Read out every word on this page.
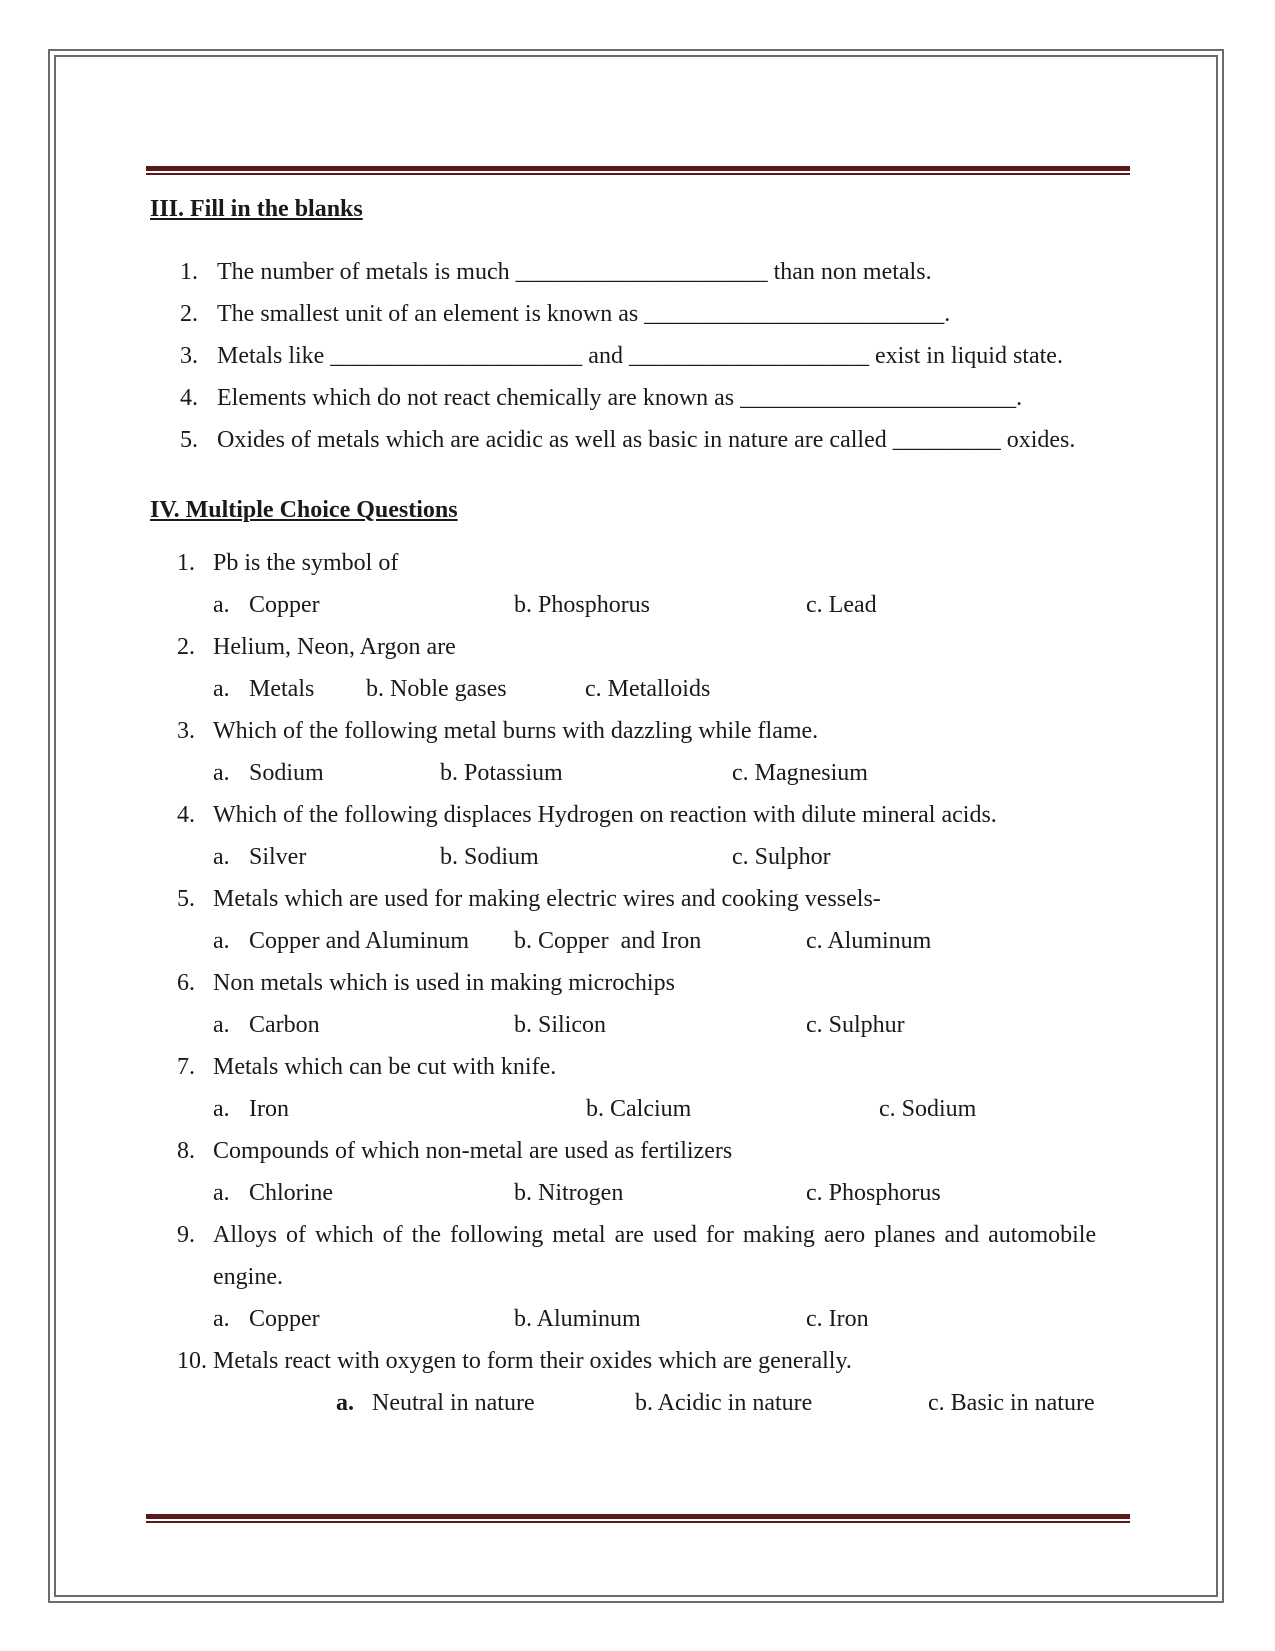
III. Fill in the blanks
1. The number of metals is much _____________________ than non metals.
2. The smallest unit of an element is known as _________________________.
3. Metals like _____________________ and ____________________ exist in liquid state.
4. Elements which do not react chemically are known as _______________________.
5. Oxides of metals which are acidic as well as basic in nature are called _________ oxides.
IV. Multiple Choice Questions
1. Pb is the symbol of
a. Copper	b. Phosphorus	c. Lead
2. Helium, Neon, Argon are
a. Metals b. Noble gases	c. Metalloids
3. Which of the following metal burns with dazzling while flame.
a. Sodium	b. Potassium	c. Magnesium
4. Which of the following displaces Hydrogen on reaction with dilute mineral acids.
a. Silver	b. Sodium	c. Sulphor
5. Metals which are used for making electric wires and cooking vessels-
a. Copper and Aluminum b. Copper  and Iron	c. Aluminum
6. Non metals which is used in making microchips
a. Carbon	b. Silicon	c. Sulphur
7. Metals which can be cut with knife.
a. Iron	b. Calcium	c. Sodium
8. Compounds of which non-metal are used as fertilizers
a. Chlorine	b. Nitrogen	c. Phosphorus
9. Alloys of which of the following metal are used for making aero planes and automobile
engine.
a. Copper	b. Aluminum	c. Iron
10. Metals react with oxygen to form their oxides which are generally.
a. Neutral in nature	b. Acidic in nature	c. Basic in nature
